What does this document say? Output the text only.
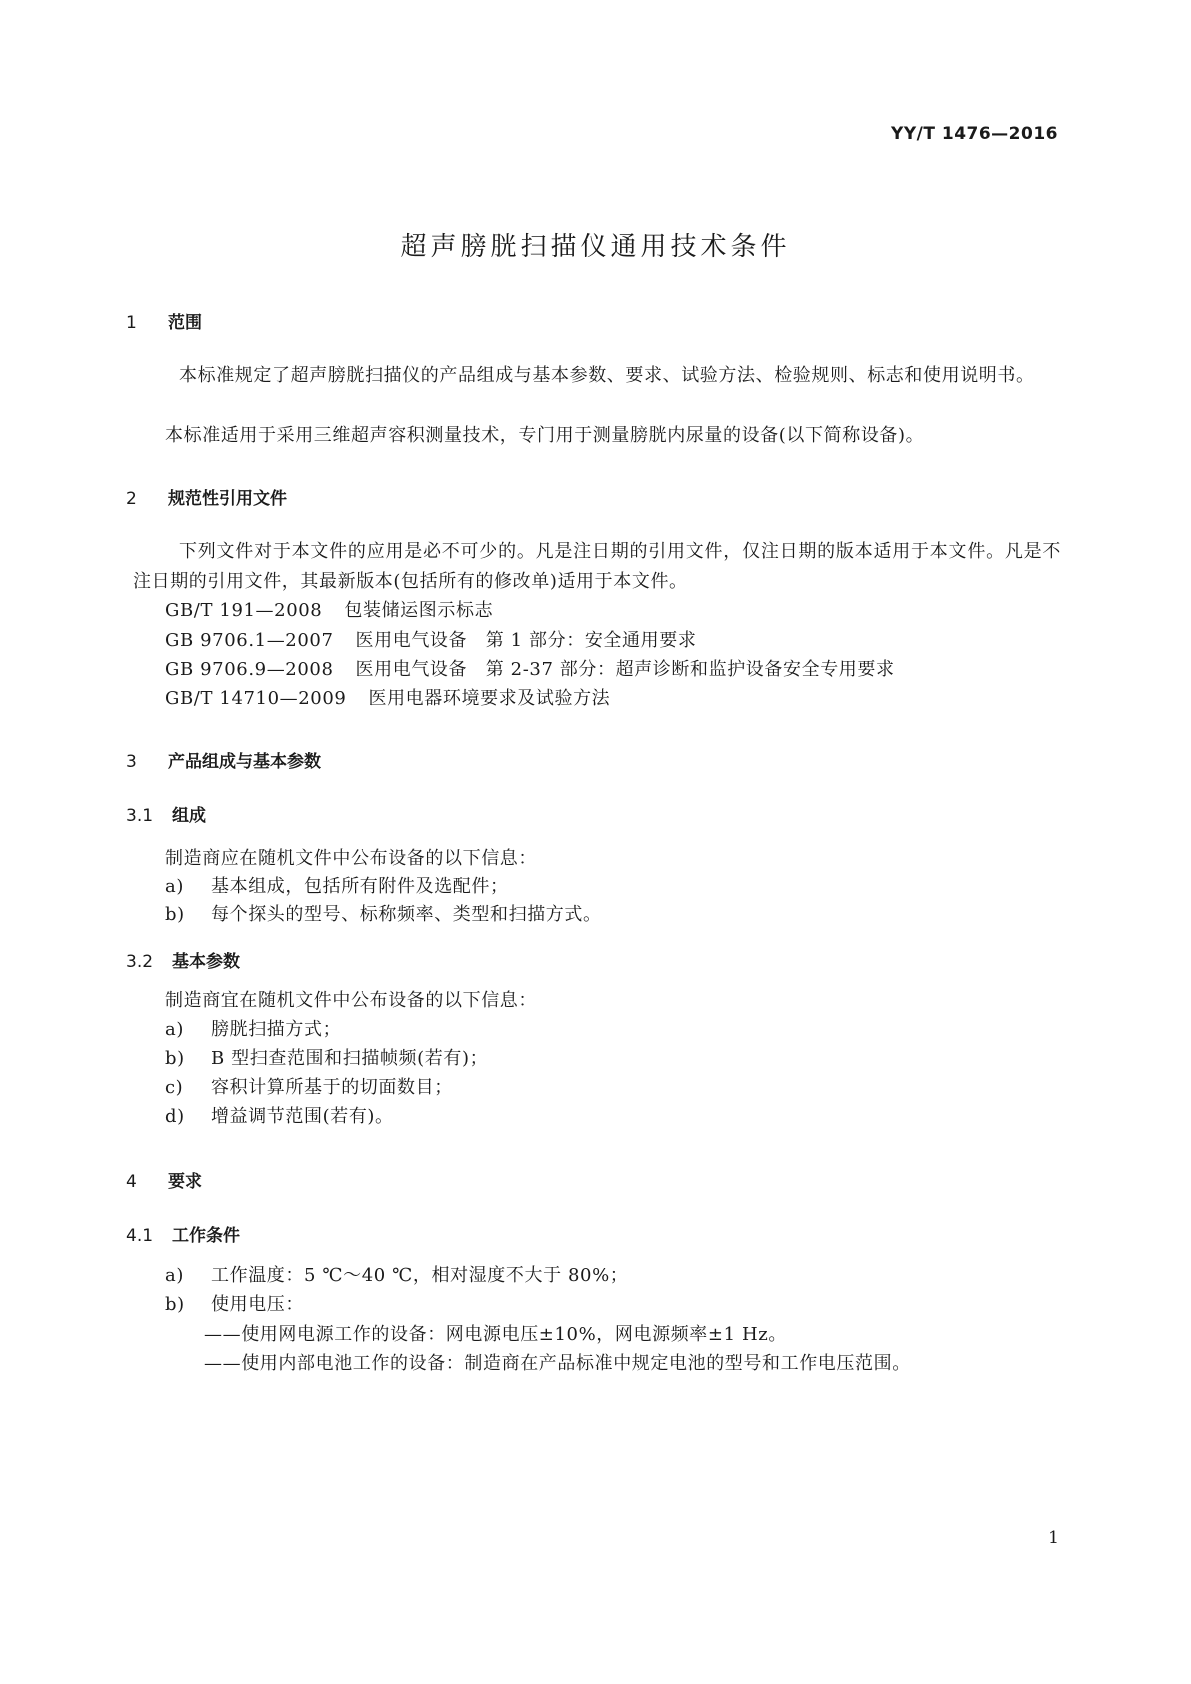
YY/T 1476—2016
超声膀胱扫描仪通用技术条件
1 范围
本标准规定了超声膀胱扫描仪的产品组成与基本参数、要求、试验方法、检验规则、标志和使用说明书。
本标准适用于采用三维超声容积测量技术，专门用于测量膀胱内尿量的设备(以下简称设备)。
2 规范性引用文件
下列文件对于本文件的应用是必不可少的。凡是注日期的引用文件，仅注日期的版本适用于本文件。凡是不注日期的引用文件，其最新版本(包括所有的修改单)适用于本文件。
GB/T 191—2008 包装储运图示标志
GB 9706.1—2007 医用电气设备　第 1 部分：安全通用要求
GB 9706.9—2008 医用电气设备　第 2-37 部分：超声诊断和监护设备安全专用要求
GB/T 14710—2009 医用电器环境要求及试验方法
3 产品组成与基本参数
3.1 组成
制造商应在随机文件中公布设备的以下信息：
a) 基本组成，包括所有附件及选配件；
b) 每个探头的型号、标称频率、类型和扫描方式。
3.2 基本参数
制造商宜在随机文件中公布设备的以下信息：
a) 膀胱扫描方式；
b) B 型扫查范围和扫描帧频(若有)；
c) 容积计算所基于的切面数目；
d) 增益调节范围(若有)。
4 要求
4.1 工作条件
a) 工作温度：5 ℃～40 ℃，相对湿度不大于 80%；
b) 使用电压：
——使用网电源工作的设备：网电源电压±10%，网电源频率±1 Hz。
——使用内部电池工作的设备：制造商在产品标准中规定电池的型号和工作电压范围。
1
